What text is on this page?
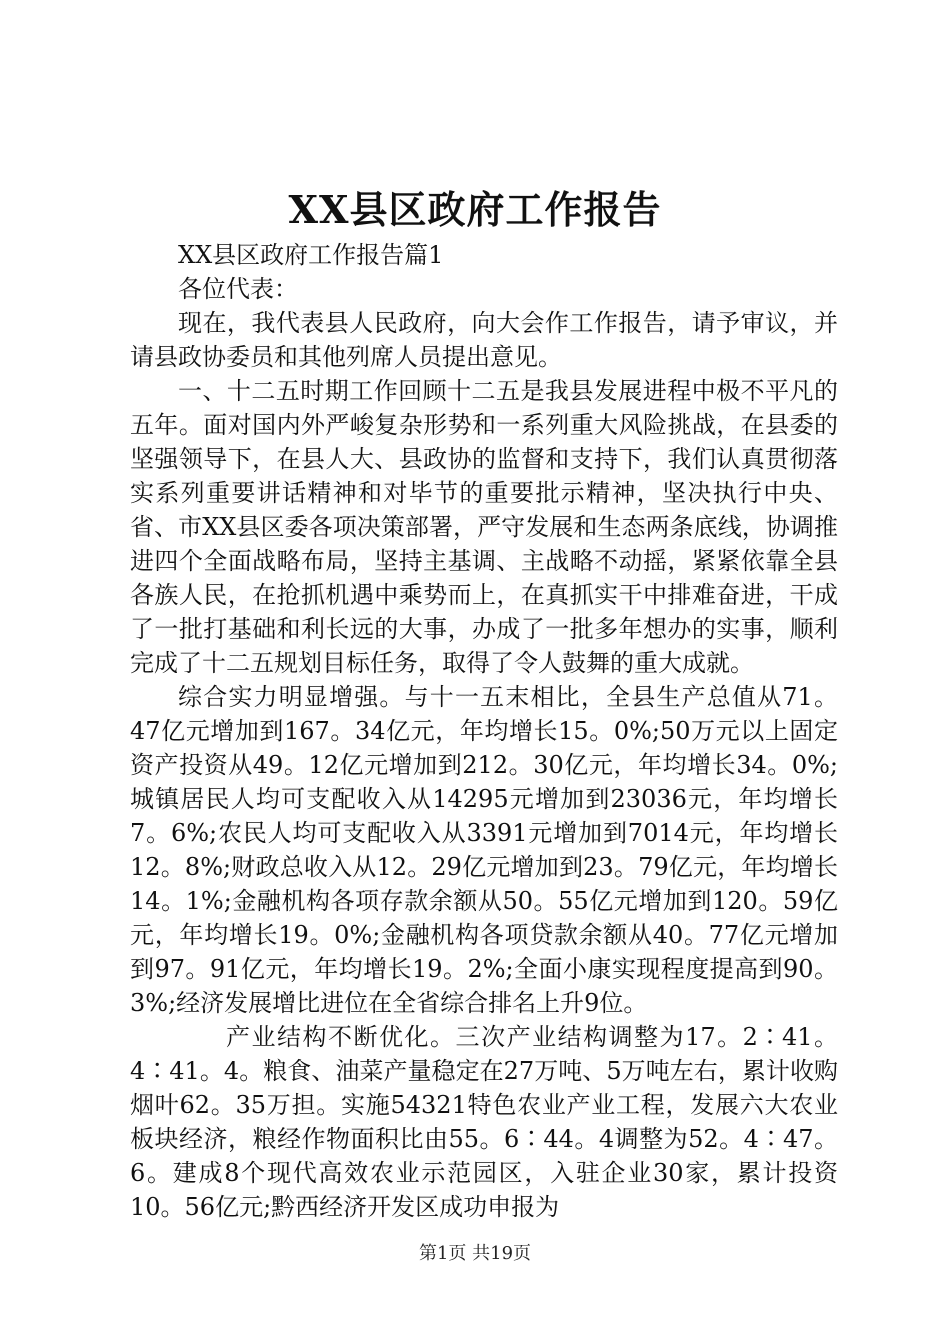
XX县区政府工作报告

XX县区政府工作报告篇1

各位代表：

现在，我代表县人民政府，向大会作工作报告，请予审议，并请县政协委员和其他列席人员提出意见。

一、十二五时期工作回顾十二五是我县发展进程中极不平凡的五年。面对国内外严峻复杂形势和一系列重大风险挑战，在县委的坚强领导下，在县人大、县政协的监督和支持下，我们认真贯彻落实系列重要讲话精神和对毕节的重要批示精神，坚决执行中央、省、市XX县区委各项决策部署，严守发展和生态两条底线，协调推进四个全面战略布局，坚持主基调、主战略不动摇，紧紧依靠全县各族人民，在抢抓机遇中乘势而上，在真抓实干中排难奋进，干成了一批打基础和利长远的大事，办成了一批多年想办的实事，顺利完成了十二五规划目标任务，取得了令人鼓舞的重大成就。

综合实力明显增强。与十一五末相比，全县生产总值从71。47亿元增加到167。34亿元，年均增长15。0%;50万元以上固定资产投资从49。12亿元增加到212。30亿元，年均增长34。0%;城镇居民人均可支配收入从14295元增加到23036元，年均增长7。6%;农民人均可支配收入从3391元增加到7014元，年均增长12。8%;财政总收入从12。29亿元增加到23。79亿元，年均增长14。1%;金融机构各项存款余额从50。55亿元增加到120。59亿元，年均增长19。0%;金融机构各项贷款余额从40。77亿元增加到97。91亿元，年均增长19。2%;全面小康实现程度提高到90。3%;经济发展增比进位在全省综合排名上升9位。

产业结构不断优化。三次产业结构调整为17。2∶41。4∶41。4。粮食、油菜产量稳定在27万吨、5万吨左右，累计收购烟叶62。35万担。实施54321特色农业产业工程，发展六大农业板块经济，粮经作物面积比由55。6∶44。4调整为52。4∶47。6。建成8个现代高效农业示范园区，入驻企业30家，累计投资10。56亿元;黔西经济开发区成功申报为

第1页 共19页
